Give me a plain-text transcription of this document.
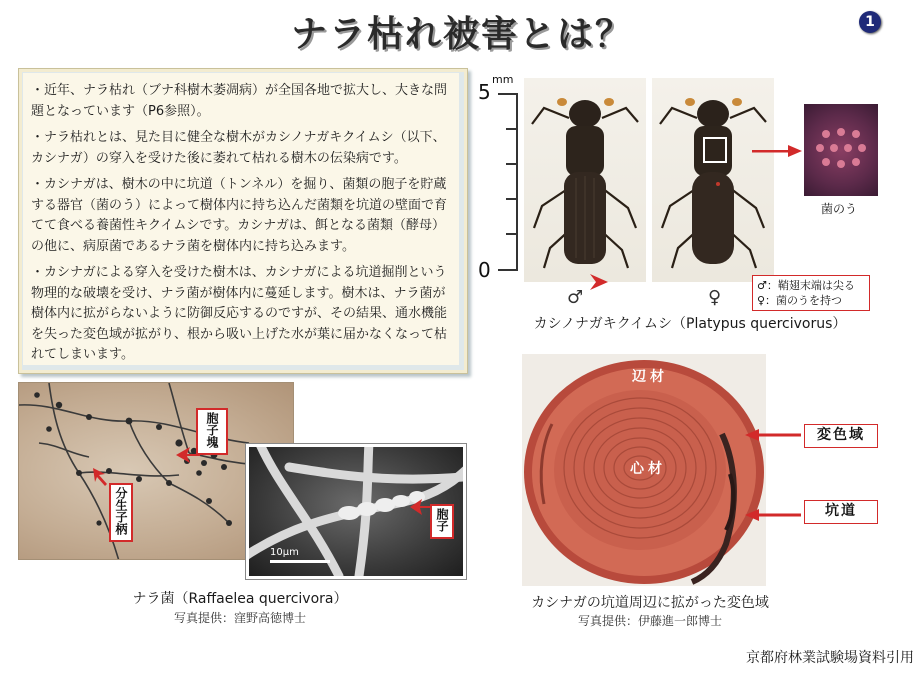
ナラ枯れ被害とは？	1

・近年、ナラ枯れ（ブナ科樹木萎凋病）が全国各地で拡大し、大きな問題となっています（P6参照）。

・ナラ枯れとは、見た目に健全な樹木がカシノナガキクイムシ（以下、カシナガ）の穿入を受けた後に萎れて枯れる樹木の伝染病です。

・カシナガは、樹木の中に坑道（トンネル）を掘り、菌類の胞子を貯蔵する器官（菌のう）によって樹体内に持ち込んだ菌類を坑道の壁面で育てて食べる養菌性キクイムシです。カシナガは、餌となる菌類（酵母）の他に、病原菌であるナラ菌を樹体内に持ち込みます。

・カシナガによる穿入を受けた樹木は、カシナガによる坑道掘削という物理的な破壊を受け、ナラ菌が樹体内に蔓延します。樹木は、ナラ菌が樹体内に拡がらないように防御反応するのですが、その結果、通水機能を失った変色域が拡がり、根から吸い上げた水が葉に届かなくなって枯れてしまいます。

胞子塊
分生子柄
10μm
胞子
ナラ菌（Raffaelea quercivora）
写真提供：窪野高徳博士
mm
5
0
♂	♀
菌のう
♂：鞘翅末端は尖る
♀：菌のうを持つ
カシノナガキクイムシ（Platypus quercivorus）
辺材
心材
変色域
坑道
カシナガの坑道周辺に拡がった変色域
写真提供：伊藤進一郎博士
京都府林業試験場資料引用
